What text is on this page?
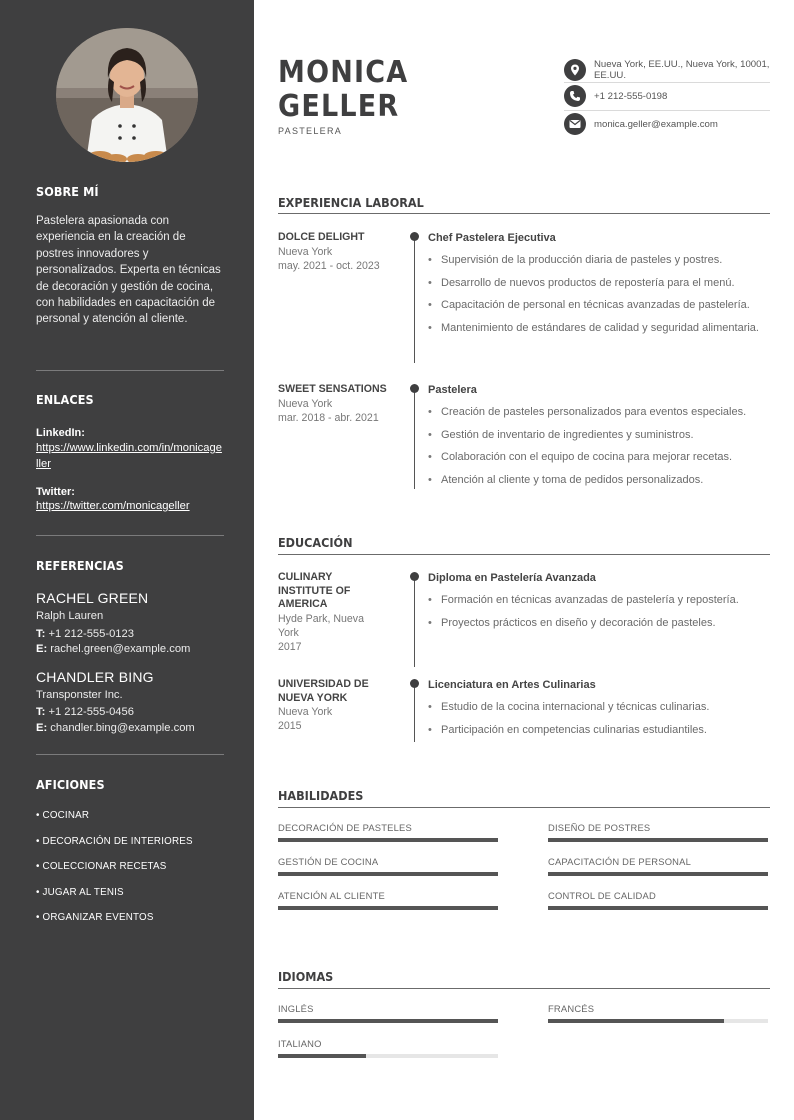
SOBRE MÍ
Pastelera apasionada con experiencia en la creación de postres innovadores y personalizados. Experta en técnicas de decoración y gestión de cocina, con habilidades en capacitación de personal y atención al cliente.
ENLACES
LinkedIn:
https://www.linkedin.com/in/monicageller
Twitter:
https://twitter.com/monicageller
REFERENCIAS
RACHEL GREEN
Ralph Lauren
T: +1 212-555-0123
E: rachel.green@example.com
CHANDLER BING
Transponster Inc.
T: +1 212-555-0456
E: chandler.bing@example.com
AFICIONES
• COCINAR
• DECORACIÓN DE INTERIORES
• COLECCIONAR RECETAS
• JUGAR AL TENIS
• ORGANIZAR EVENTOS
MONICA
GELLER
PASTELERA
Nueva York, EE.UU., Nueva York, 10001, EE.UU.
+1 212-555-0198
monica.geller@example.com
EXPERIENCIA LABORAL
DOLCE DELIGHT
Nueva York
may. 2021 - oct. 2023
Chef Pastelera Ejecutiva
• Supervisión de la producción diaria de pasteles y postres.
• Desarrollo de nuevos productos de repostería para el menú.
• Capacitación de personal en técnicas avanzadas de pastelería.
• Mantenimiento de estándares de calidad y seguridad alimentaria.
SWEET SENSATIONS
Nueva York
mar. 2018 - abr. 2021
Pastelera
• Creación de pasteles personalizados para eventos especiales.
• Gestión de inventario de ingredientes y suministros.
• Colaboración con el equipo de cocina para mejorar recetas.
• Atención al cliente y toma de pedidos personalizados.
EDUCACIÓN
CULINARY INSTITUTE OF AMERICA
Hyde Park, Nueva York
2017
Diploma en Pastelería Avanzada
• Formación en técnicas avanzadas de pastelería y repostería.
• Proyectos prácticos en diseño y decoración de pasteles.
UNIVERSIDAD DE NUEVA YORK
Nueva York
2015
Licenciatura en Artes Culinarias
• Estudio de la cocina internacional y técnicas culinarias.
• Participación en competencias culinarias estudiantiles.
HABILIDADES
DECORACIÓN DE PASTELES	DISEÑO DE POSTRES
GESTIÓN DE COCINA	CAPACITACIÓN DE PERSONAL
ATENCIÓN AL CLIENTE	CONTROL DE CALIDAD
IDIOMAS
INGLÉS	FRANCÉS
ITALIANO
